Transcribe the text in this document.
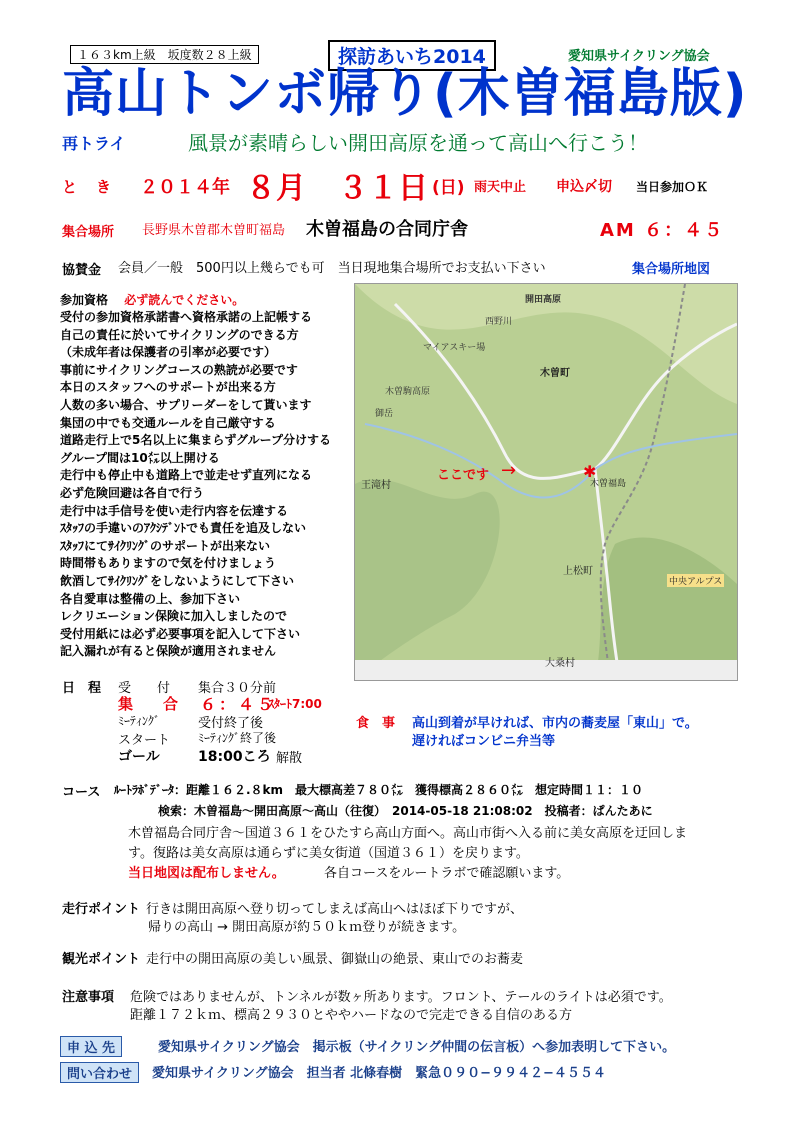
１６３km上級　坂度数２８上級	探訪あいち2014	愛知県サイクリング協会
高山トンボ帰り(木曽福島版)
再トライ	風景が素晴らしい開田高原を通って高山へ行こう！
と　き ２０１４年 ８月 ３１日 (日) 雨天中止 申込〆切 当日参加ＯＫ
集合場所 長野県木曽郡木曽町福島 木曽福島の合同庁舎	AM ６：４５
協賛金 会員／一般　500円以上幾らでも可　当日現地集合場所でお支払い下さい	集合場所地図
参加資格　 必ず読んでください。
受付の参加資格承諾書へ資格承諾の上記帳する
自己の責任に於いてサイクリングのできる方
（未成年者は保護者の引率が必要です）
事前にサイクリングコースの熟読が必要です
本日のスタッフへのサポートが出来る方
人数の多い場合、サプリーダーをして貰います
集団の中でも交通ルールを自己厳守する
道路走行上で5名以上に集まらずグループ分けする
グループ間は10㍍以上開ける
走行中も停止中も道路上で並走せず直列になる
必ず危険回避は各自で行う
走行中は手信号を使い走行内容を伝達する
ｽﾀｯﾌの手違いのｱｸｼﾃﾞﾝﾄでも責任を追及しない
ｽﾀｯﾌにてｻｲｸﾘﾝｸﾞのサポートが出来ない
時間帯もありますので気を付けましょう
飲酒してｻｲｸﾘﾝｸﾞをしないようにして下さい
各自愛車は整備の上、参加下さい
レクリエーション保険に加入しましたので
受付用紙には必ず必要事項を記入して下さい
記入漏れが有ると保険が適用されません
開田高原
西野川
木曽町
御岳
王滝村
上松町
大桑村
中央アルプス
木曽福島
マイアスキー場
木曽駒高原
ここです →	✱
日　程 受　　付 集合３０分前
集　　合 ６：４５
ｽﾀｰﾄ7:00
ﾐｰﾃｨﾝｸﾞ	受付終了後
スタート ﾐｰﾃｨﾝｸﾞ終了後
ゴール	18:00ころ 解散
食　事 高山到着が早ければ、市内の蕎麦屋「東山」で。
遅ければコンビニ弁当等
コース ﾙｰﾄﾗﾎﾞﾃﾞｰﾀ：距離１６２.８km　最大標高差７８０㍍　獲得標高２８６０㍍　想定時間１１：１０
検索：木曽福島～開田高原～高山（往復）　2014-05-18 21:08:02　投稿者：ぱんたあに
木曽福島合同庁舎～国道３６１をひたすら高山方面へ。高山市街へ入る前に美女高原を迂回しま
す。復路は美女高原は通らずに美女街道（国道３６１）を戻ります。
当日地図は配布しません。	各自コースをルートラボで確認願います。
走行ポイント 行きは開田高原へ登り切ってしまえば高山へはほぼ下りですが、
帰りの高山 → 開田高原が約５０ｋｍ登りが続きます。
観光ポイント 走行中の開田高原の美しい風景、御嶽山の絶景、東山でのお蕎麦
注意事項 危険ではありませんが、トンネルが数ヶ所あります。フロント、テールのライトは必須です。
距離１７２ｋｍ、標高２９３０とややハードなので完走できる自信のある方
申 込 先	愛知県サイクリング協会　掲示板（サイクリング仲間の伝言板）へ参加表明して下さい。
問い合わせ	愛知県サイクリング協会　担当者 北條春樹　緊急０９０−９９４２−４５５４
